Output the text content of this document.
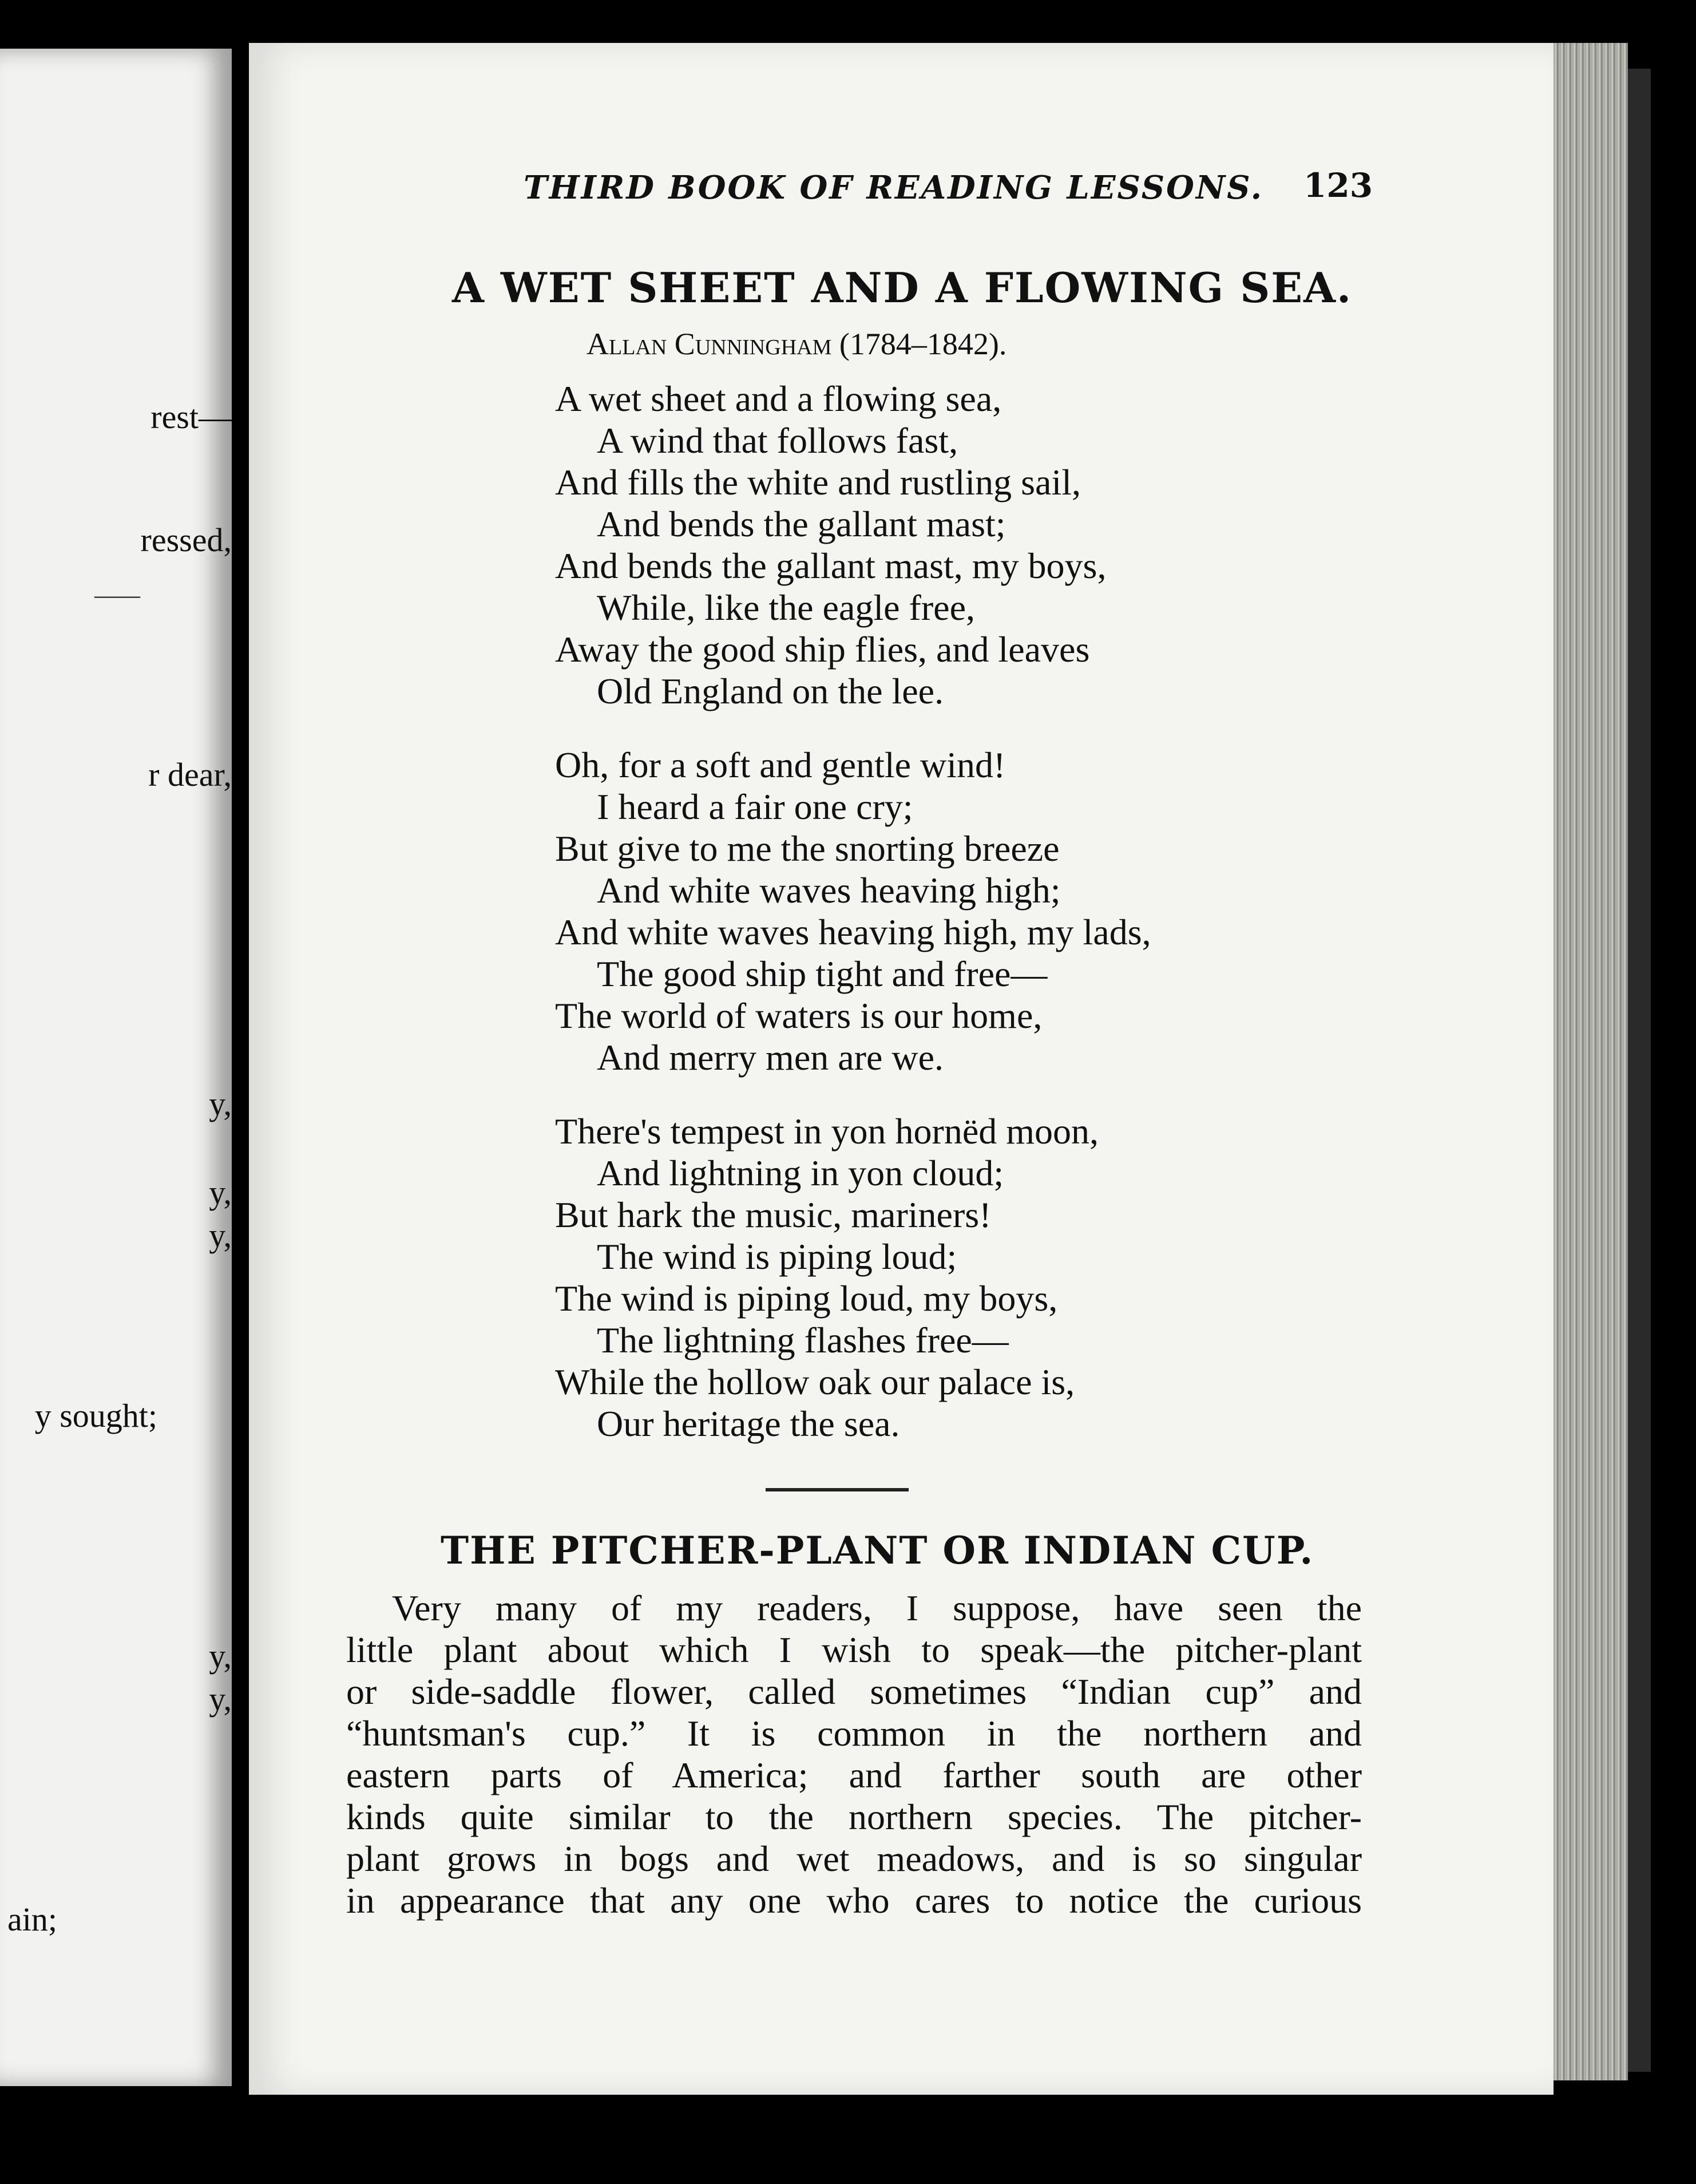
rest—
ressed,
——
r dear,
y,
y,
y,
y sought;
y,
y,
ain;
THIRD BOOK OF READING LESSONS. 123
A WET SHEET AND A FLOWING SEA.
Allan Cunningham (1784–1842).
A wet sheet and a flowing sea,
A wind that follows fast,
And fills the white and rustling sail,
And bends the gallant mast;
And bends the gallant mast, my boys,
While, like the eagle free,
Away the good ship flies, and leaves
Old England on the lee.
Oh, for a soft and gentle wind!
I heard a fair one cry;
But give to me the snorting breeze
And white waves heaving high;
And white waves heaving high, my lads,
The good ship tight and free—
The world of waters is our home,
And merry men are we.
There's tempest in yon hornëd moon,
And lightning in yon cloud;
But hark the music, mariners!
The wind is piping loud;
The wind is piping loud, my boys,
The lightning flashes free—
While the hollow oak our palace is,
Our heritage the sea.
THE PITCHER-PLANT OR INDIAN CUP.
Very many of my readers, I suppose, have seen the
little plant about which I wish to speak—the pitcher-plant
or side-saddle flower, called sometimes “Indian cup” and
“huntsman's cup.” It is common in the northern and
eastern parts of America; and farther south are other
kinds quite similar to the northern species. The pitcher-
plant grows in bogs and wet meadows, and is so singular
in appearance that any one who cares to notice the curious
